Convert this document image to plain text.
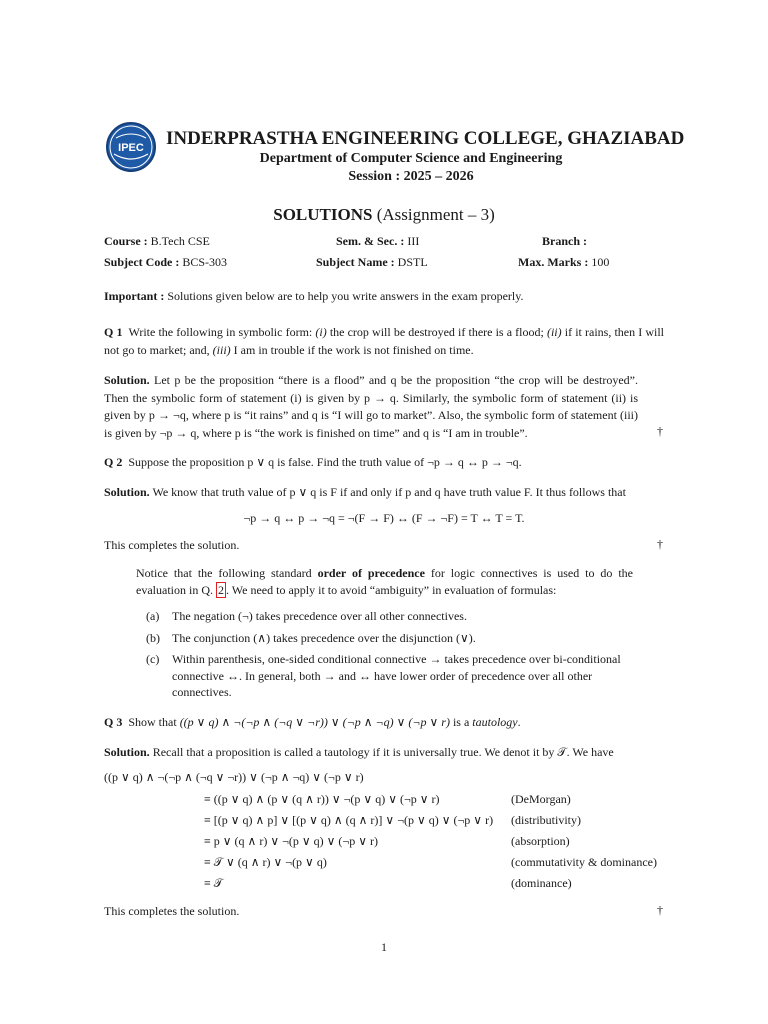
IPEC INDERPRASTHA ENGINEERING COLLEGE, GHAZIABAD
Department of Computer Science and Engineering
Session : 2025 – 2026
SOLUTIONS (Assignment – 3)
Course : B.Tech CSE	Sem. & Sec. : III	Branch :
Subject Code : BCS-303	Subject Name : DSTL	Max. Marks : 100
Important : Solutions given below are to help you write answers in the exam properly.
Q 1 Write the following in symbolic form: (i) the crop will be destroyed if there is a flood; (ii) if it rains, then I will not go to market; and, (iii) I am in trouble if the work is not finished on time.
Solution. Let p be the proposition “there is a flood” and q be the proposition “the crop will be destroyed”. Then the symbolic form of statement (i) is given by p → q. Similarly, the symbolic form of statement (ii) is given by p → ¬q, where p is “it rains” and q is “I will go to market”. Also, the symbolic form of statement (iii) is given by ¬p → q, where p is “the work is finished on time” and q is “I am in trouble”.	†
Q 2 Suppose the proposition p ∨ q is false. Find the truth value of ¬p → q ↔ p → ¬q.
Solution. We know that truth value of p ∨ q is F if and only if p and q have truth value F. It thus follows that
¬p → q ↔ p → ¬q = ¬(F → F) ↔ (F → ¬F) = T ↔ T = T.
This completes the solution.	†
Notice that the following standard order of precedence for logic connectives is used to do the evaluation in Q. 2 . We need to apply it to avoid “ambiguity” in evaluation of formulas:
(a) The negation (¬) takes precedence over all other connectives.
(b) The conjunction (∧) takes precedence over the disjunction (∨).
(c) Within parenthesis, one-sided conditional connective → takes precedence over bi-conditional connective ↔. In general, both → and ↔ have lower order of precedence over all other connectives.
Q 3 Show that ((p ∨ q) ∧ ¬(¬p ∧ (¬q ∨ ¬r)) ∨ (¬p ∧ ¬q) ∨ (¬p ∨ r) is a tautology.
Solution. Recall that a proposition is called a tautology if it is universally true. We denot it by 𝒯. We have
((p ∨ q) ∧ ¬(¬p ∧ (¬q ∨ ¬r)) ∨ (¬p ∧ ¬q) ∨ (¬p ∨ r)
≡ ((p ∨ q) ∧ (p ∨ (q ∧ r)) ∨ ¬(p ∨ q) ∨ (¬p ∨ r)	(DeMorgan)
≡ [(p ∨ q) ∧ p] ∨ [(p ∨ q) ∧ (q ∧ r)] ∨ ¬(p ∨ q) ∨ (¬p ∨ r) (distributivity)
≡ p ∨ (q ∧ r) ∨ ¬(p ∨ q) ∨ (¬p ∨ r)	(absorption)
≡ 𝒯 ∨ (q ∧ r) ∨ ¬(p ∨ q)	(commutativity & dominance)
≡ 𝒯	(dominance)
This completes the solution.	†
1
